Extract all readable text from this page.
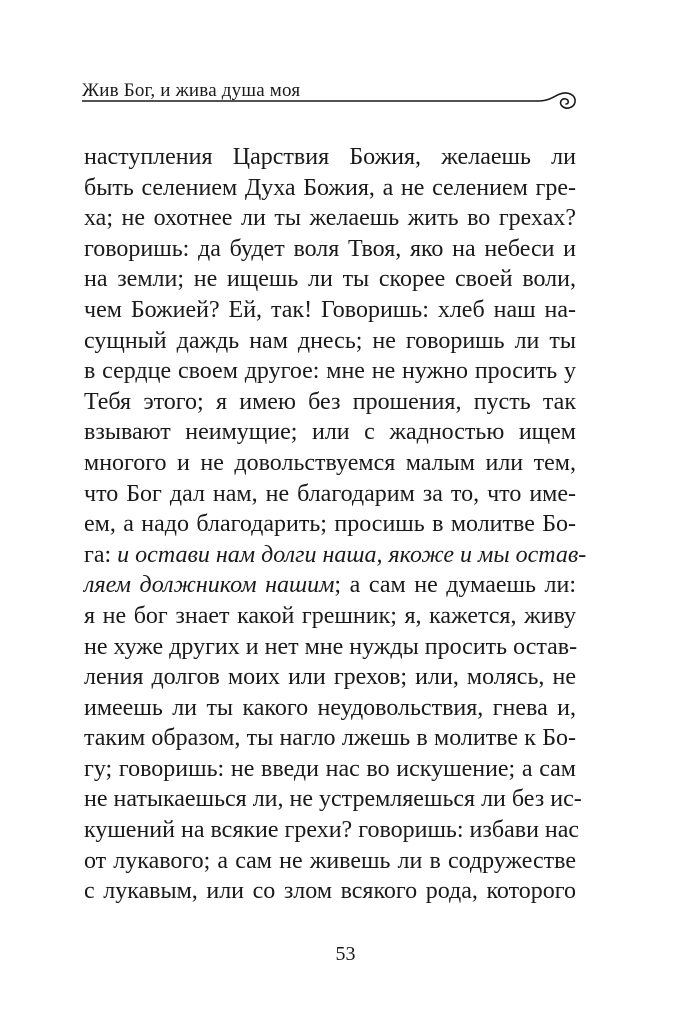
Жив Бог, и жива душа моя
наступления Царствия Божия, желаешь ли
быть селением Духа Божия, а не селением гре-
ха; не охотнее ли ты желаешь жить во грехах?
говоришь: да будет воля Твоя, яко на небеси и
на земли; не ищешь ли ты скорее своей воли,
чем Божией? Ей, так! Говоришь: хлеб наш на-
сущный даждь нам днесь; не говоришь ли ты
в сердце своем другое: мне не нужно просить у
Тебя этого; я имею без прошения, пусть так
взывают неимущие; или с жадностью ищем
многого и не довольствуемся малым или тем,
что Бог дал нам, не благодарим за то, что име-
ем, а надо благодарить; просишь в молитве Бо-
га: и остави нам долги наша, якоже и мы остав-
ляем должником нашим; а сам не думаешь ли:
я не бог знает какой грешник; я, кажется, живу
не хуже других и нет мне нужды просить остав-
ления долгов моих или грехов; или, молясь, не
имеешь ли ты какого неудовольствия, гнева и,
таким образом, ты нагло лжешь в молитве к Бо-
гу; говоришь: не введи нас во искушение; а сам
не натыкаешься ли, не устремляешься ли без ис-
кушений на всякие грехи? говоришь: избави нас
от лукавого; а сам не живешь ли в содружестве
с лукавым, или со злом всякого рода, которого
53
